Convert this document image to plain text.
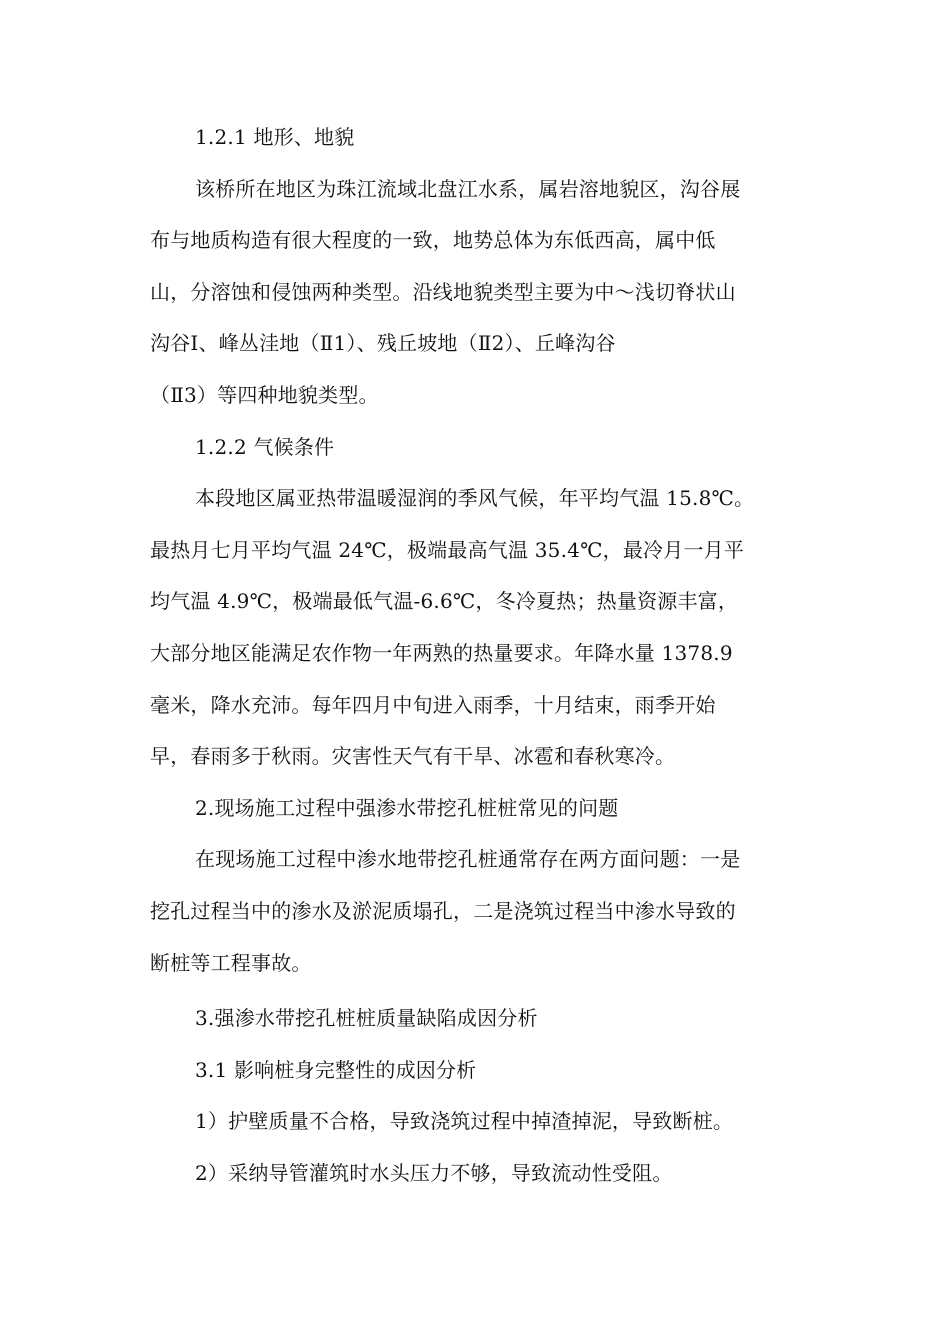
1.2.1 地形、地貌
该桥所在地区为珠江流域北盘江水系，属岩溶地貌区，沟谷展
布与地质构造有很大程度的一致，地势总体为东低西高，属中低
山，分溶蚀和侵蚀两种类型。沿线地貌类型主要为中～浅切脊状山
沟谷Ⅰ、峰丛洼地（Ⅱ1）、残丘坡地（Ⅱ2）、丘峰沟谷
（Ⅱ3）等四种地貌类型。
1.2.2 气候条件
本段地区属亚热带温暖湿润的季风气候，年平均气温 15.8℃。
最热月七月平均气温 24℃，极端最高气温 35.4℃，最冷月一月平
均气温 4.9℃，极端最低气温-6.6℃，冬冷夏热；热量资源丰富，
大部分地区能满足农作物一年两熟的热量要求。年降水量 1378.9
毫米，降水充沛。每年四月中旬进入雨季，十月结束，雨季开始
早，春雨多于秋雨。灾害性天气有干旱、冰雹和春秋寒冷。
2.现场施工过程中强渗水带挖孔桩桩常见的问题
在现场施工过程中渗水地带挖孔桩通常存在两方面问题：一是
挖孔过程当中的渗水及淤泥质塌孔，二是浇筑过程当中渗水导致的
断桩等工程事故。
3.强渗水带挖孔桩桩质量缺陷成因分析
3.1 影响桩身完整性的成因分析
1）护壁质量不合格，导致浇筑过程中掉渣掉泥，导致断桩。
2）采纳导管灌筑时水头压力不够，导致流动性受阻。
